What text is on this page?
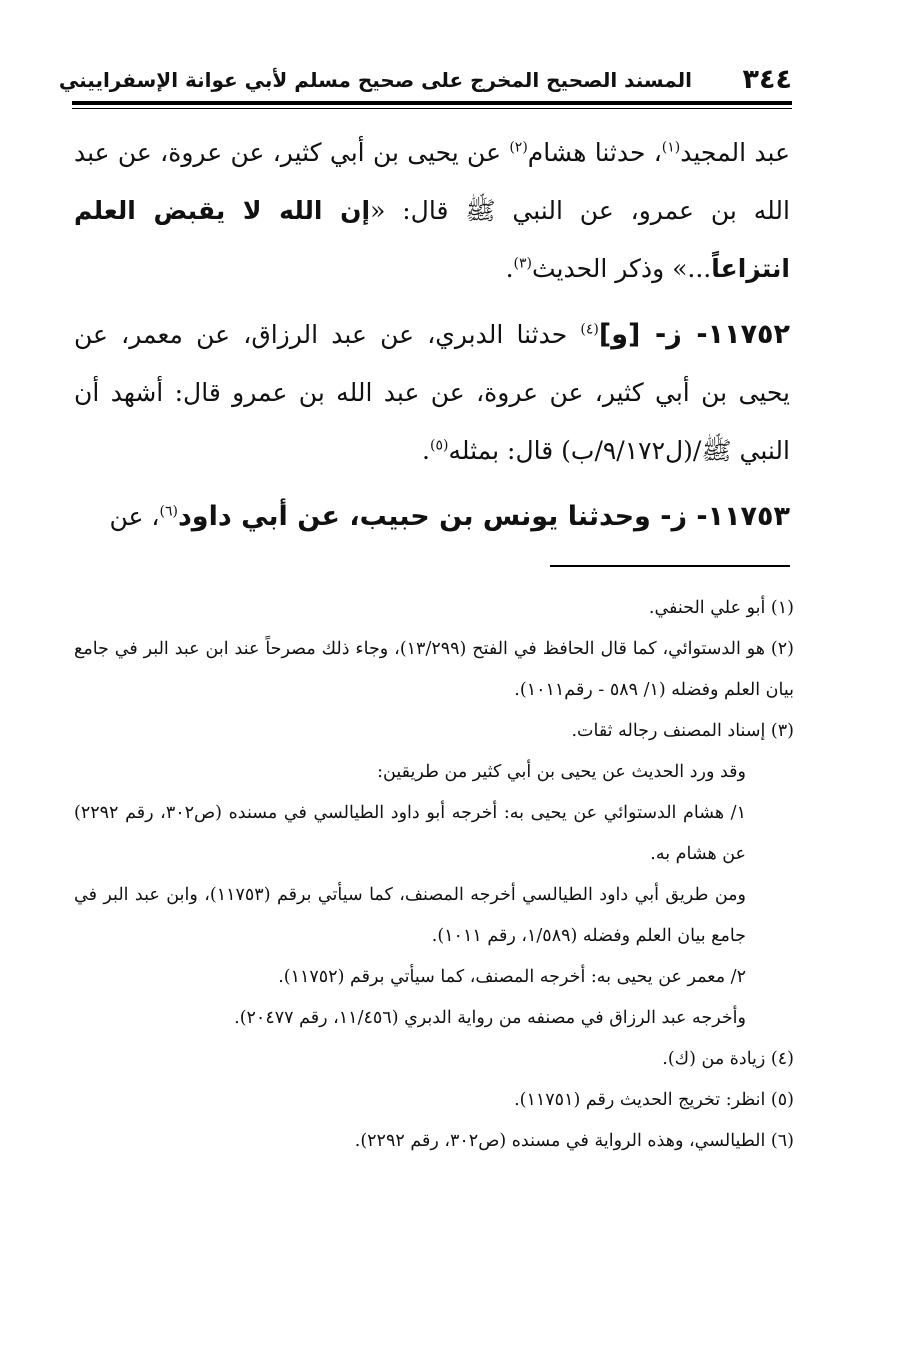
٣٤٤
المسند الصحيح المخرج على صحيح مسلم لأبي عوانة الإسفراييني

عبد المجيد$^{(١)}$، حدثنا هشام$^{(٢)}$ عن يحيى بن أبي كثير، عن عروة، عن عبد الله بن عمرو، عن النبي ﷺ قال: «إن الله لا يقبض العلم انتزاعاً...» وذكر الحديث$^{(٣)}$.

١١٧٥٢- ز- [و]$^{(٤)}$ حدثنا الدبري، عن عبد الرزاق، عن معمر، عن يحيى بن أبي كثير، عن عروة، عن عبد الله بن عمرو قال: أشهد أن النبي ﷺ/(ل٩/١٧٢/ب) قال: بمثله$^{(٥)}$.

١١٧٥٣- ز- وحدثنا يونس بن حبيب، عن أبي داود$^{(٦)}$، عن

(١) أبو علي الحنفي.

(٢) هو الدستوائي، كما قال الحافظ في الفتح (١٣/٢٩٩)، وجاء ذلك مصرحاً عند ابن عبد البر في جامع بيان العلم وفضله (١/ ٥٨٩ - رقم١٠١١).

(٣) إسناد المصنف رجاله ثقات.

وقد ورد الحديث عن يحيى بن أبي كثير من طريقين:

١/ هشام الدستوائي عن يحيى به: أخرجه أبو داود الطيالسي في مسنده (ص٣٠٢، رقم ٢٢٩٢) عن هشام به.

ومن طريق أبي داود الطيالسي أخرجه المصنف، كما سيأتي برقم (١١٧٥٣)، وابن عبد البر في جامع بيان العلم وفضله (١/٥٨٩، رقم ١٠١١).

٢/ معمر عن يحيى به: أخرجه المصنف، كما سيأتي برقم (١١٧٥٢).

وأخرجه عبد الرزاق في مصنفه من رواية الدبري (١١/٤٥٦، رقم ٢٠٤٧٧).

(٤) زيادة من (ك).

(٥) انظر: تخريج الحديث رقم (١١٧٥١).

(٦) الطيالسي، وهذه الرواية في مسنده (ص٣٠٢، رقم ٢٢٩٢).
